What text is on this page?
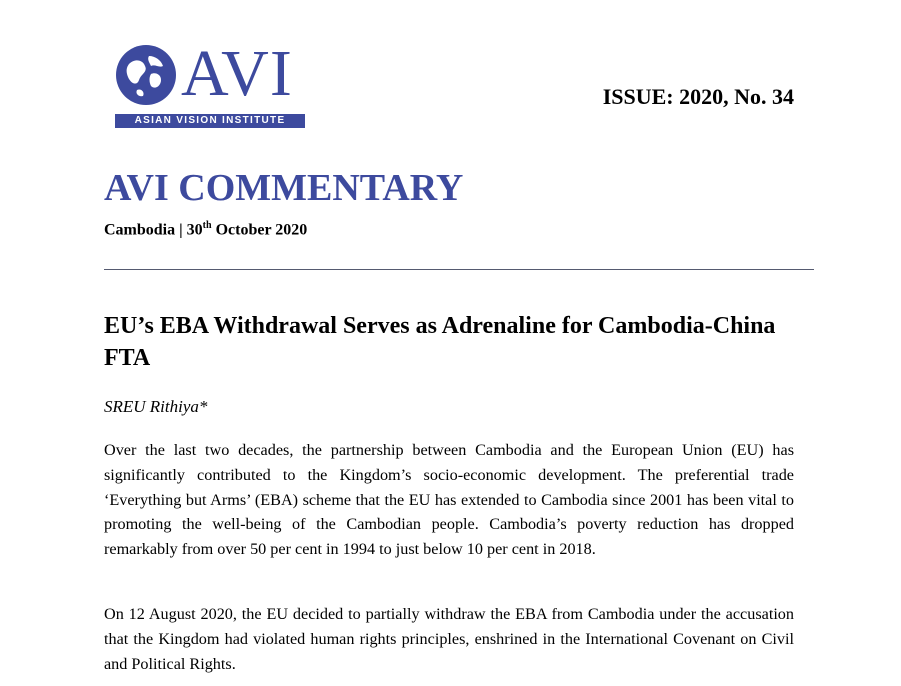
AVI
ASIAN VISION INSTITUTE
ISSUE: 2020, No. 34
AVI COMMENTARY
Cambodia | 30th October 2020
EU’s EBA Withdrawal Serves as Adrenaline for Cambodia-China FTA
SREU Rithiya*

Over the last two decades, the partnership between Cambodia and the European Union (EU) has significantly contributed to the Kingdom’s socio-economic development. The preferential trade ‘Everything but Arms’ (EBA) scheme that the EU has extended to Cambodia since 2001 has been vital to promoting the well-being of the Cambodian people. Cambodia’s poverty reduction has dropped remarkably from over 50 per cent in 1994 to just below 10 per cent in 2018.

On 12 August 2020, the EU decided to partially withdraw the EBA from Cambodia under the accusation that the Kingdom had violated human rights principles, enshrined in the International Covenant on Civil and Political Rights.
